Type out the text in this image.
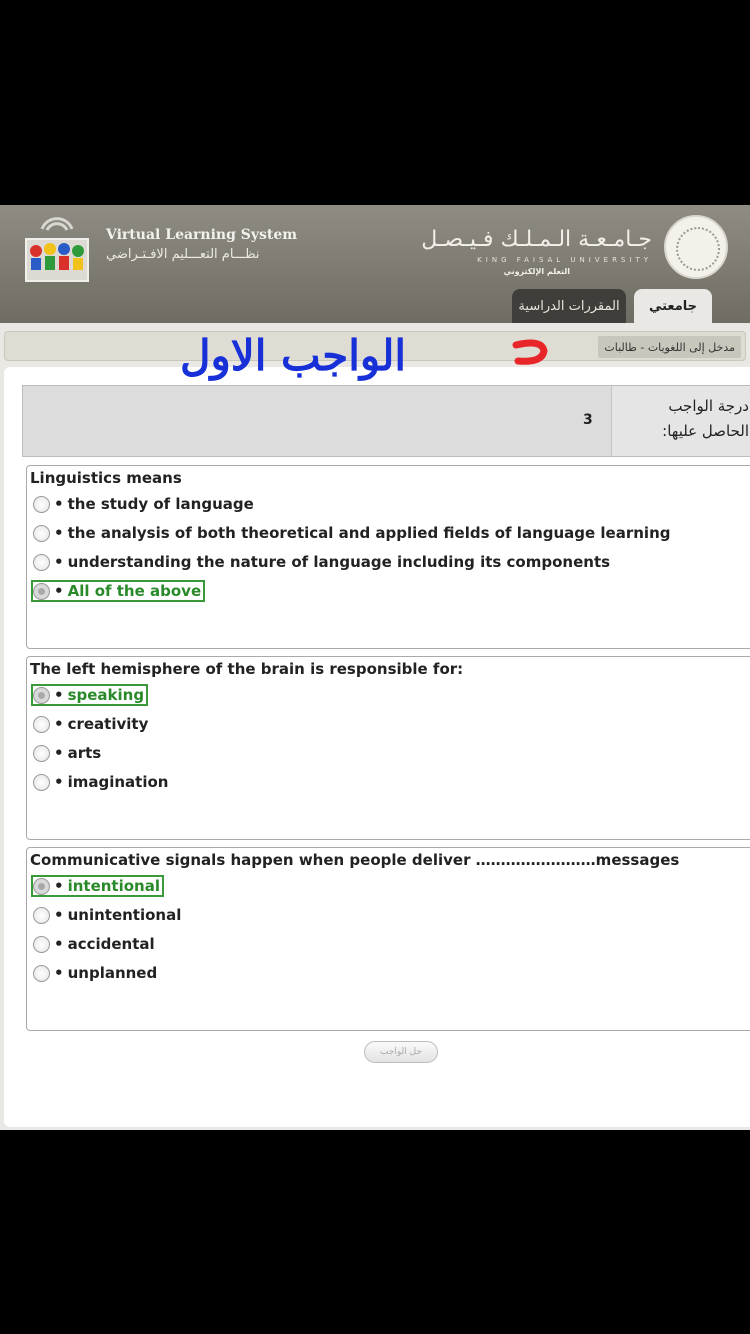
Virtual Learning System
نظـــام التعـــليم الافـتـراضي
جـامـعـة الـمـلـك فـيـصـل
KING FAISAL UNIVERSITY
التعلم الإلكتروني
جامعتي
المقررات الدراسية
مدخل إلى اللغويات - طالبات
3
درجة الواجب
الحاصل عليها:
Linguistics means
• the study of language
• the analysis of both theoretical and applied fields of language learning
• understanding the nature of language including its components
• All of the above
The left hemisphere of the brain is responsible for:
• speaking
• creativity
• arts
• imagination
Communicative signals happen when people deliver ……………………messages
• intentional
• unintentional
• accidental
• unplanned
حل الواجب
الواجب الاول
